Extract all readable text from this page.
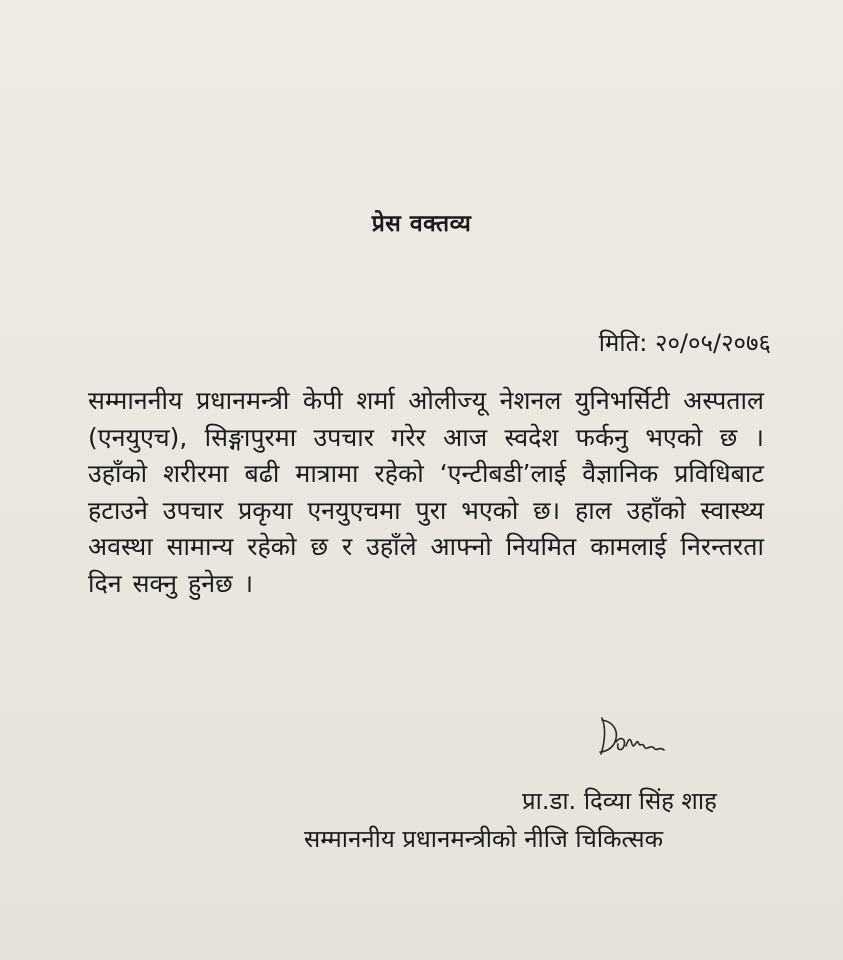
प्रेस वक्तव्य
मिति: २०/०५/२०७६
सम्माननीय प्रधानमन्त्री केपी शर्मा ओलीज्यू नेशनल युनिभर्सिटी अस्पताल (एनयुएच), सिङ्गापुरमा उपचार गरेर आज स्वदेश फर्कनु भएको छ । उहाँको शरीरमा बढी मात्रामा रहेको ‘एन्टीबडी’लाई वैज्ञानिक प्रविधिबाट हटाउने उपचार प्रकृया एनयुएचमा पुरा भएको छ। हाल उहाँको स्वास्थ्य अवस्था सामान्य रहेको छ र उहाँले आफ्नो नियमित कामलाई निरन्तरता दिन सक्नु हुनेछ ।
प्रा.डा. दिव्या सिंह शाह
सम्माननीय प्रधानमन्त्रीको नीजि चिकित्सक
